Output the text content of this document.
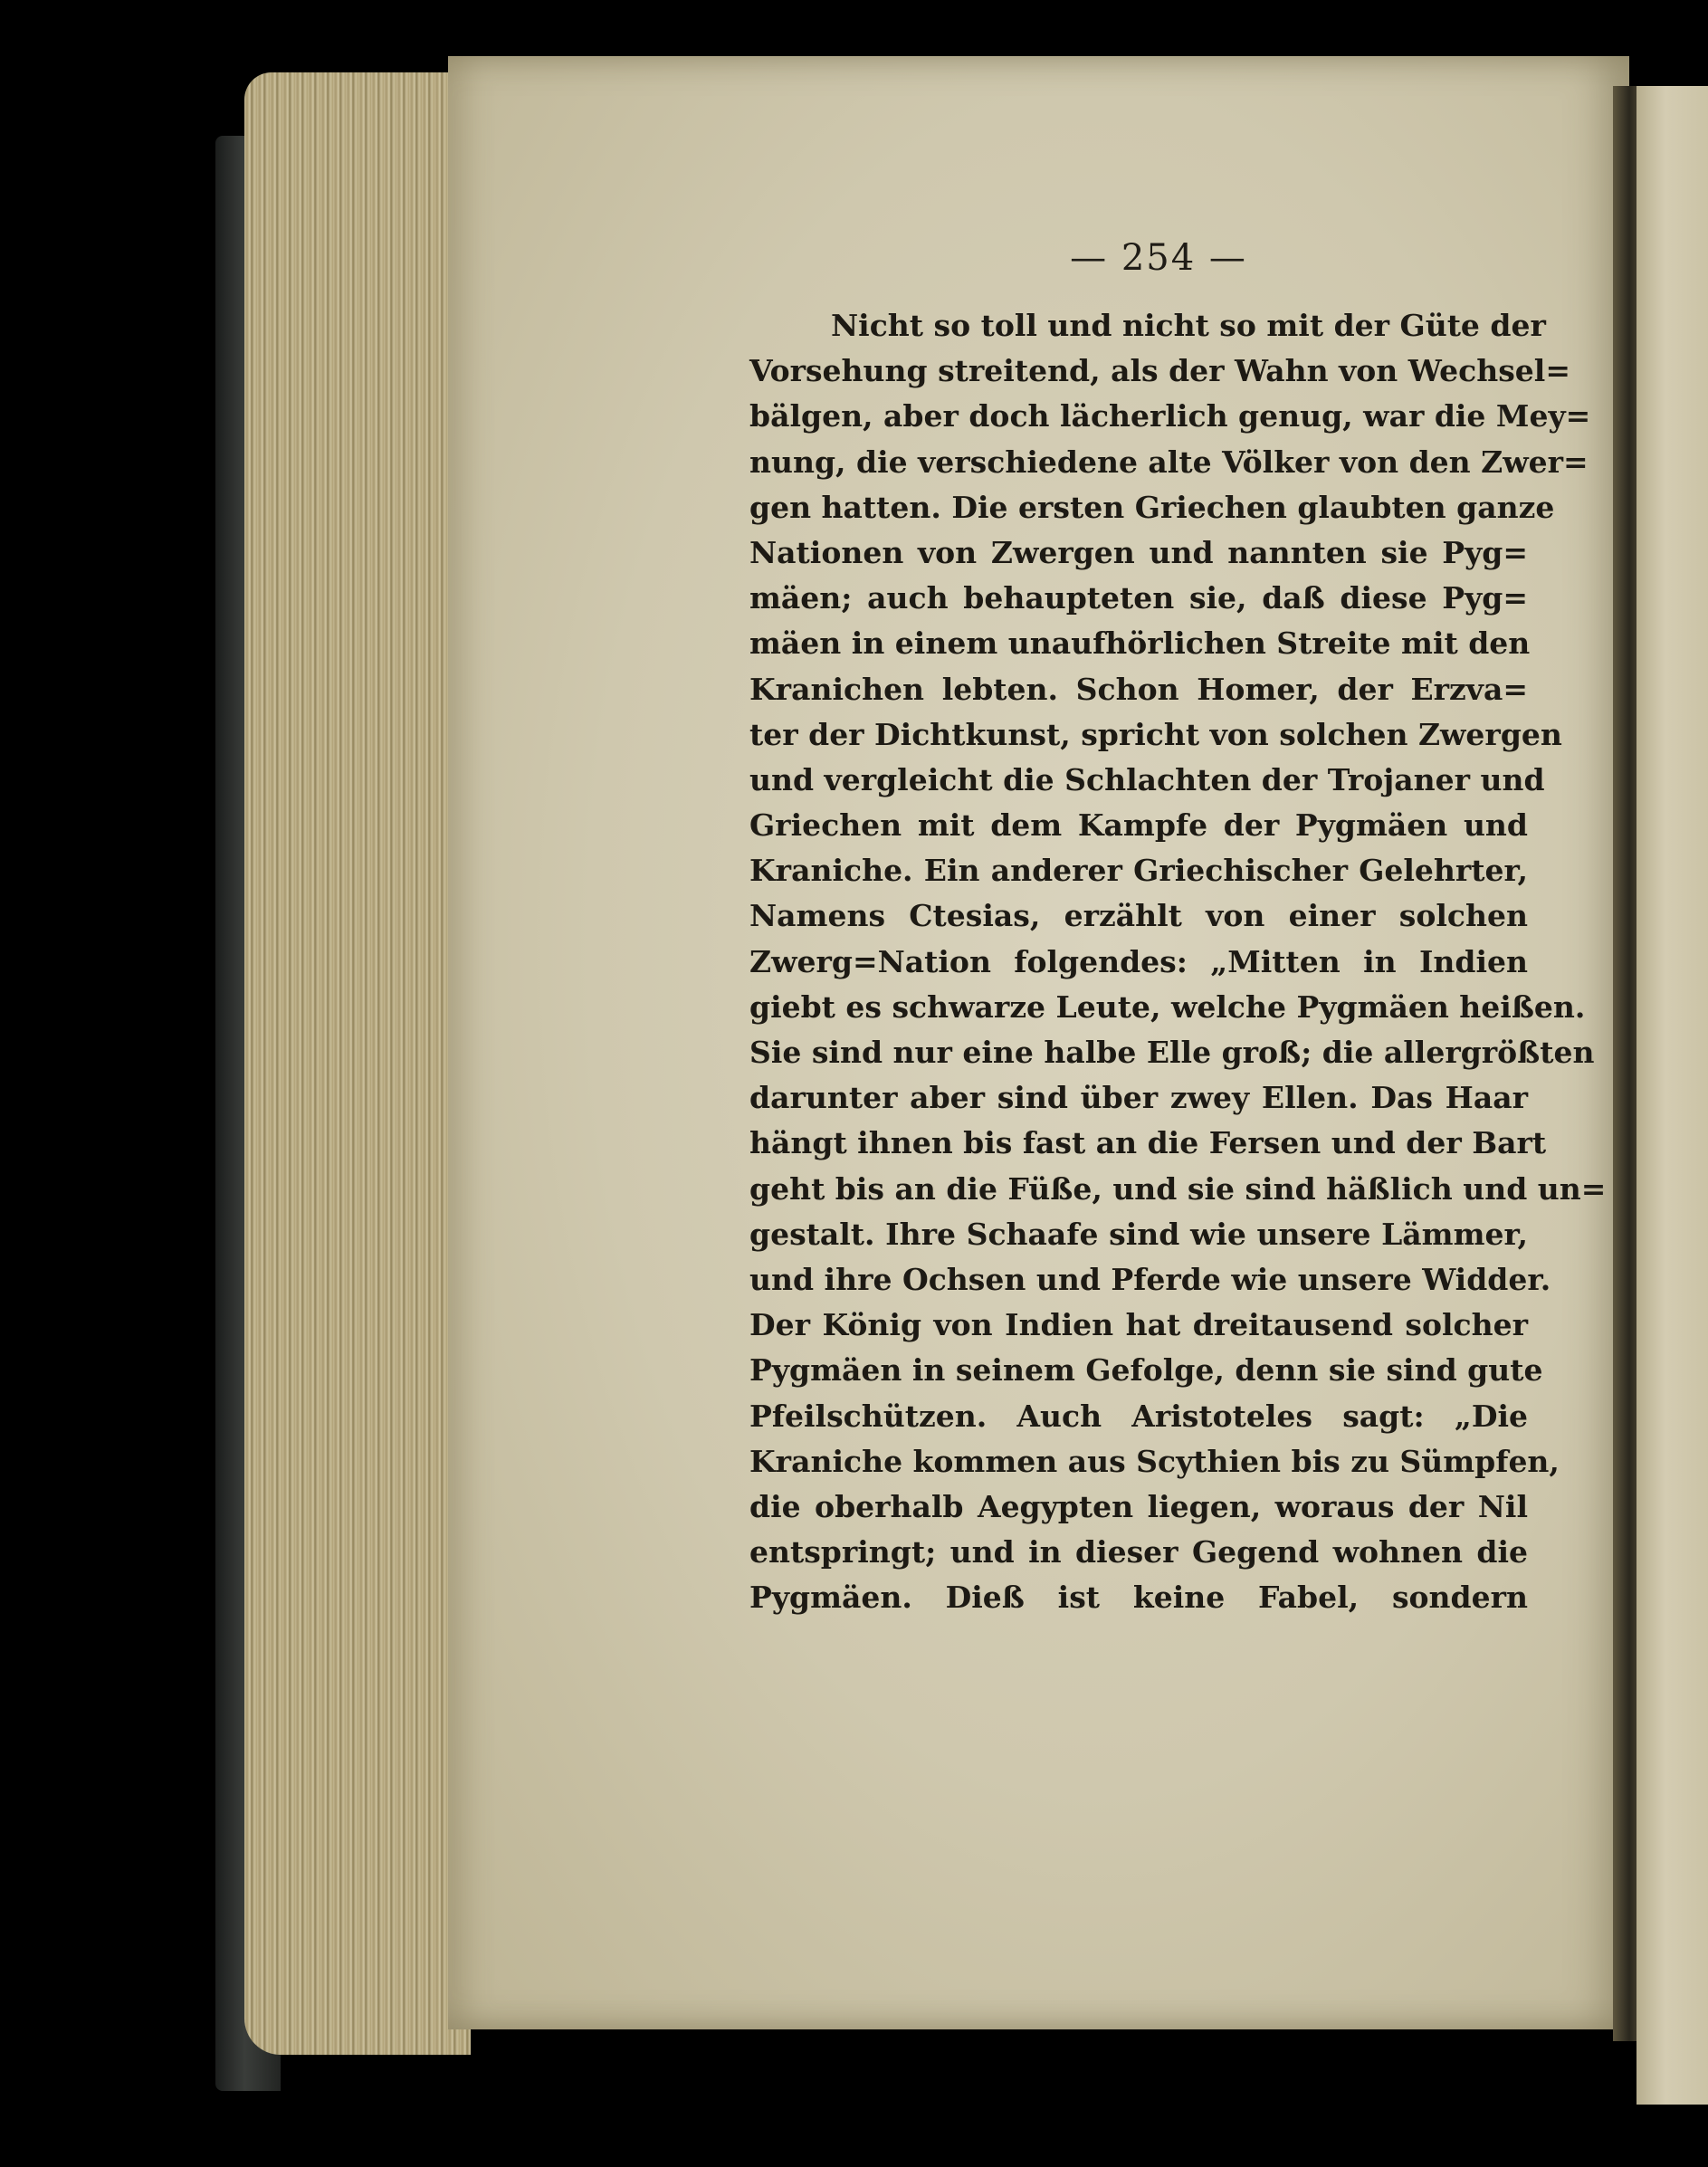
— 254 —
Nicht so toll und nicht so mit der Güte der
Vorsehung streitend, als der Wahn von Wechsel=
bälgen, aber doch lächerlich genug, war die Mey=
nung, die verschiedene alte Völker von den Zwer=
gen hatten. Die ersten Griechen glaubten ganze
Nationen von Zwergen und nannten sie Pyg=
mäen; auch behaupteten sie, daß diese Pyg=
mäen in einem unaufhörlichen Streite mit den
Kranichen lebten. Schon Homer, der Erzva=
ter der Dichtkunst, spricht von solchen Zwergen
und vergleicht die Schlachten der Trojaner und
Griechen mit dem Kampfe der Pygmäen und
Kraniche. Ein anderer Griechischer Gelehrter,
Namens Ctesias, erzählt von einer solchen
Zwerg=Nation folgendes: „Mitten in Indien
giebt es schwarze Leute, welche Pygmäen heißen.
Sie sind nur eine halbe Elle groß; die allergrößten
darunter aber sind über zwey Ellen. Das Haar
hängt ihnen bis fast an die Fersen und der Bart
geht bis an die Füße, und sie sind häßlich und un=
gestalt. Ihre Schaafe sind wie unsere Lämmer,
und ihre Ochsen und Pferde wie unsere Widder.
Der König von Indien hat dreitausend solcher
Pygmäen in seinem Gefolge, denn sie sind gute
Pfeilschützen. Auch Aristoteles sagt: „Die
Kraniche kommen aus Scythien bis zu Sümpfen,
die oberhalb Aegypten liegen, woraus der Nil
entspringt; und in dieser Gegend wohnen die
Pygmäen. Dieß ist keine Fabel, sondern
